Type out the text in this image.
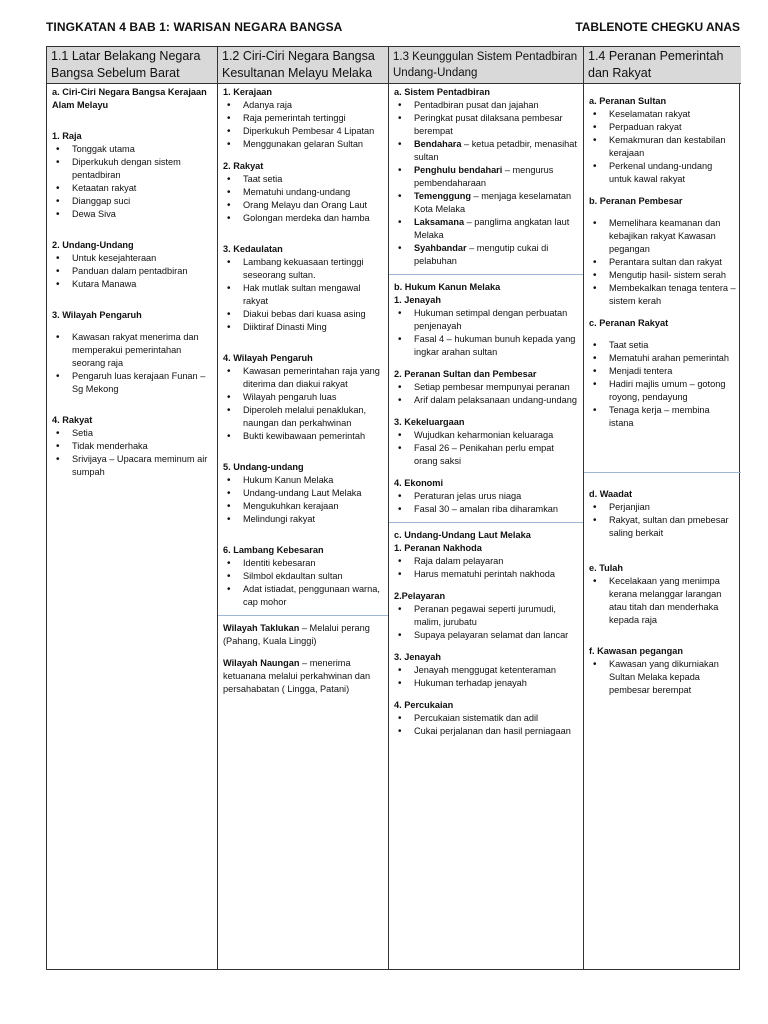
TINGKATAN 4 BAB 1: WARISAN NEGARA BANGSA	TABLENOTE CHEGKU ANAS
1.1 Latar Belakang Negara Bangsa Sebelum Barat
a. Ciri-Ciri Negara Bangsa Kerajaan Alam Melayu
1. Raja
• Tonggak utama
• Diperkukuh dengan sistem pentadbiran
• Ketaatan rakyat
• Dianggap suci
• Dewa Siva
2. Undang-Undang
• Untuk kesejahteraan
• Panduan dalam pentadbiran
• Kutara Manawa
3. Wilayah Pengaruh
• Kawasan rakyat menerima dan memperakui pemerintahan seorang raja
• Pengaruh luas kerajaan Funan – Sg Mekong
4. Rakyat
• Setia
• Tidak menderhaka
• Srivijaya – Upacara meminum air sumpah
1.2 Ciri-Ciri Negara Bangsa Kesultanan Melayu Melaka
1. Kerajaan
• Adanya raja
• Raja pemerintah tertinggi
• Diperkukuh Pembesar 4 Lipatan
• Menggunakan gelaran Sultan
2. Rakyat
• Taat setia
• Mematuhi undang-undang
• Orang Melayu dan Orang Laut
• Golongan merdeka dan hamba
3. Kedaulatan
• Lambang kekuasaan tertinggi seseorang sultan.
• Hak mutlak sultan mengawal rakyat
• Diakui bebas dari kuasa asing
• Diiktiraf Dinasti Ming
4. Wilayah Pengaruh
• Kawasan pemerintahan raja yang diterima dan diakui rakyat
• Wilayah pengaruh luas
• Diperoleh melalui penaklukan, naungan dan perkahwinan
• Bukti kewibawaan pemerintah
5. Undang-undang
• Hukum Kanun Melaka
• Undang-undang Laut Melaka
• Mengukuhkan kerajaan
• Melindungi rakyat
6. Lambang Kebesaran
• Identiti kebesaran
• Silmbol ekdaultan sultan
• Adat istiadat, penggunaan warna, cap mohor

Wilayah Taklukan – Melalui perang (Pahang, Kuala Linggi)

Wilayah Naungan – menerima ketuanana melalui perkahwinan dan persahabatan ( Lingga, Patani)

1.3 Keunggulan Sistem Pentadbiran Undang-Undang
a. Sistem Pentadbiran
• Pentadbiran pusat dan jajahan
• Peringkat pusat dilaksana pembesar berempat
• Bendahara – ketua petadbir, menasihat sultan
• Penghulu bendahari – mengurus pembendaharaan
• Temenggung – menjaga keselamatan Kota Melaka
• Laksamana – panglima angkatan laut Melaka
• Syahbandar – mengutip cukai di pelabuhan
b. Hukum Kanun Melaka
1. Jenayah
• Hukuman setimpal dengan perbuatan penjenayah
• Fasal 4 – hukuman bunuh kepada yang ingkar arahan sultan
2. Peranan Sultan dan Pembesar
• Setiap pembesar mempunyai peranan
• Arif dalam pelaksanaan undang-undang
3. Kekeluargaan
• Wujudkan keharmonian keluaraga
• Fasal 26 – Penikahan perlu empat orang saksi
4. Ekonomi
• Peraturan jelas urus niaga
• Fasal 30 – amalan riba diharamkan
c. Undang-Undang Laut Melaka
1. Peranan Nakhoda
• Raja dalam pelayaran
• Harus mematuhi perintah nakhoda
2.Pelayaran
• Peranan pegawai seperti jurumudi, malim, jurubatu
• Supaya pelayaran selamat dan lancar
3. Jenayah
• Jenayah menggugat ketenteraman
• Hukuman terhadap jenayah
4. Percukaian
• Percukaian sistematik dan adil
• Cukai perjalanan dan hasil perniagaan
1.4 Peranan Pemerintah dan Rakyat
a. Peranan Sultan
• Keselamatan rakyat
• Perpaduan rakyat
• Kemakmuran dan kestabilan kerajaan
• Perkenal undang-undang untuk kawal rakyat
b. Peranan Pembesar
• Memelihara keamanan dan kebajikan rakyat Kawasan pegangan
• Perantara sultan dan rakyat
• Mengutip hasil- sistem serah
• Membekalkan tenaga tentera – sistem kerah
c. Peranan Rakyat
• Taat setia
• Mematuhi arahan pemerintah
• Menjadi tentera
• Hadiri majlis umum – gotong royong, pendayung
• Tenaga kerja – membina istana
d. Waadat
• Perjanjian
• Rakyat, sultan dan pmebesar saling berkait
e. Tulah
• Kecelakaan yang menimpa kerana melanggar larangan atau titah dan menderhaka kepada raja
f. Kawasan pegangan
• Kawasan yang dikurniakan Sultan Melaka kepada pembesar berempat
